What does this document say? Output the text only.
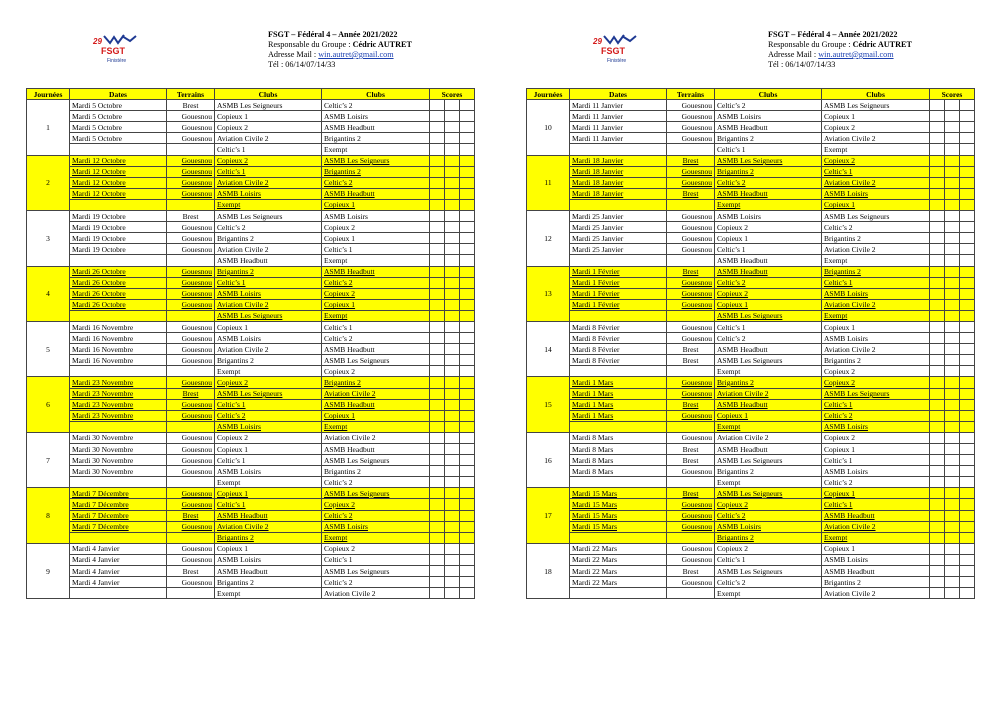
29
FSGT
Finistère
FSGT – Fédéral 4 – Année 2021/2022
Responsable du Groupe : Cédric AUTRET
Adresse Mail : win.autret@gmail.com
Tél : 06/14/07/14/33
Journées	Dates	Terrains	Clubs	Clubs	Scores		
1	Mardi 5 Octobre	Brest	ASMB Les Seigneurs	Celtic’s 2			
	Mardi 5 Octobre	Gouesnou	Copieux 1	ASMB Loisirs			
	Mardi 5 Octobre	Gouesnou	Copieux 2	ASMB Headbutt			
	Mardi 5 Octobre	Gouesnou	Aviation Civile 2	Brigantins 2			
			Celtic’s 1	Exempt			
2	Mardi 12 Octobre	Gouesnou	Copieux 2	ASMB Les Seigneurs			
	Mardi 12 Octobre	Gouesnou	Celtic’s 1	Brigantins 2			
	Mardi 12 Octobre	Gouesnou	Aviation Civile 2	Celtic’s 2			
	Mardi 12 Octobre	Gouesnou	ASMB Loisirs	ASMB Headbutt			
			Exempt	Copieux 1			
3	Mardi 19 Octobre	Brest	ASMB Les Seigneurs	ASMB Loisirs			
	Mardi 19 Octobre	Gouesnou	Celtic’s 2	Copieux 2			
	Mardi 19 Octobre	Gouesnou	Brigantins 2	Copieux 1			
	Mardi 19 Octobre	Gouesnou	Aviation Civile 2	Celtic’s 1			
			ASMB Headbutt	Exempt			
4	Mardi 26 Octobre	Gouesnou	Brigantins 2	ASMB Headbutt			
	Mardi 26 Octobre	Gouesnou	Celtic’s 1	Celtic’s 2			
	Mardi 26 Octobre	Gouesnou	ASMB Loisirs	Copieux 2			
	Mardi 26 Octobre	Gouesnou	Aviation Civile 2	Copieux 1			
			ASMB Les Seigneurs	Exempt			
5	Mardi 16 Novembre	Gouesnou	Copieux 1	Celtic’s 1			
	Mardi 16 Novembre	Gouesnou	ASMB Loisirs	Celtic’s 2			
	Mardi 16 Novembre	Gouesnou	Aviation Civile 2	ASMB Headbutt			
	Mardi 16 Novembre	Gouesnou	Brigantins 2	ASMB Les Seigneurs			
			Exempt	Copieux 2			
6	Mardi 23 Novembre	Gouesnou	Copieux 2	Brigantins 2			
	Mardi 23 Novembre	Brest	ASMB Les Seigneurs	Aviation Civile 2			
	Mardi 23 Novembre	Gouesnou	Celtic’s 1	ASMB Headbutt			
	Mardi 23 Novembre	Gouesnou	Celtic’s 2	Copieux 1			
			ASMB Loisirs	Exempt			
7	Mardi 30 Novembre	Gouesnou	Copieux 2	Aviation Civile 2			
	Mardi 30 Novembre	Gouesnou	Copieux 1	ASMB Headbutt			
	Mardi 30 Novembre	Gouesnou	Celtic’s 1	ASMB Les Seigneurs			
	Mardi 30 Novembre	Gouesnou	ASMB Loisirs	Brigantins 2			
			Exempt	Celtic’s 2			
8	Mardi 7 Décembre	Gouesnou	Copieux 1	ASMB Les Seigneurs			
	Mardi 7 Décembre	Gouesnou	Celtic’s 1	Copieux 2			
	Mardi 7 Décembre	Brest	ASMB Headbutt	Celtic’s 2			
	Mardi 7 Décembre	Gouesnou	Aviation Civile 2	ASMB Loisirs			
			Brigantins 2	Exempt			
9	Mardi 4 Janvier	Gouesnou	Copieux 1	Copieux 2			
	Mardi 4 Janvier	Gouesnou	ASMB Loisirs	Celtic’s 1			
	Mardi 4 Janvier	Brest	ASMB Headbutt	ASMB Les Seigneurs			
	Mardi 4 Janvier	Gouesnou	Brigantins 2	Celtic’s 2			
			Exempt	Aviation Civile 2			
29
FSGT
Finistère
FSGT – Fédéral 4 – Année 2021/2022
Responsable du Groupe : Cédric AUTRET
Adresse Mail : win.autret@gmail.com
Tél : 06/14/07/14/33
Journées	Dates	Terrains	Clubs	Clubs	Scores		
10	Mardi 11 Janvier	Gouesnou	Celtic’s 2	ASMB Les Seigneurs			
	Mardi 11 Janvier	Gouesnou	ASMB Loisirs	Copieux 1			
	Mardi 11 Janvier	Gouesnou	ASMB Headbutt	Copieux 2			
	Mardi 11 Janvier	Gouesnou	Brigantins 2	Aviation Civile 2			
			Celtic’s 1	Exempt			
11	Mardi 18 Janvier	Brest	ASMB Les Seigneurs	Copieux 2			
	Mardi 18 Janvier	Gouesnou	Brigantins 2	Celtic’s 1			
	Mardi 18 Janvier	Gouesnou	Celtic’s 2	Aviation Civile 2			
	Mardi 18 Janvier	Brest	ASMB Headbutt	ASMB Loisirs			
			Exempt	Copieux 1			
12	Mardi 25 Janvier	Gouesnou	ASMB Loisirs	ASMB Les Seigneurs			
	Mardi 25 Janvier	Gouesnou	Copieux 2	Celtic’s 2			
	Mardi 25 Janvier	Gouesnou	Copieux 1	Brigantins 2			
	Mardi 25 Janvier	Gouesnou	Celtic’s 1	Aviation Civile 2			
			ASMB Headbutt	Exempt			
13	Mardi 1 Février	Brest	ASMB Headbutt	Brigantins 2			
	Mardi 1 Février	Gouesnou	Celtic’s 2	Celtic’s 1			
	Mardi 1 Février	Gouesnou	Copieux 2	ASMB Loisirs			
	Mardi 1 Février	Gouesnou	Copieux 1	Aviation Civile 2			
			ASMB Les Seigneurs	Exempt			
14	Mardi 8 Février	Gouesnou	Celtic’s 1	Copieux 1			
	Mardi 8 Février	Gouesnou	Celtic’s 2	ASMB Loisirs			
	Mardi 8 Février	Brest	ASMB Headbutt	Aviation Civile 2			
	Mardi 8 Février	Brest	ASMB Les Seigneurs	Brigantins 2			
			Exempt	Copieux 2			
15	Mardi 1 Mars	Gouesnou	Brigantins 2	Copieux 2			
	Mardi 1 Mars	Gouesnou	Aviation Civile 2	ASMB Les Seigneurs			
	Mardi 1 Mars	Brest	ASMB Headbutt	Celtic’s 1			
	Mardi 1 Mars	Gouesnou	Copieux 1	Celtic’s 2			
			Exempt	ASMB Loisirs			
16	Mardi 8 Mars	Gouesnou	Aviation Civile 2	Copieux 2			
	Mardi 8 Mars	Brest	ASMB Headbutt	Copieux 1			
	Mardi 8 Mars	Brest	ASMB Les Seigneurs	Celtic’s 1			
	Mardi 8 Mars	Gouesnou	Brigantins 2	ASMB Loisirs			
			Exempt	Celtic’s 2			
17	Mardi 15 Mars	Brest	ASMB Les Seigneurs	Copieux 1			
	Mardi 15 Mars	Gouesnou	Copieux 2	Celtic’s 1			
	Mardi 15 Mars	Gouesnou	Celtic’s 2	ASMB Headbutt			
	Mardi 15 Mars	Gouesnou	ASMB Loisirs	Aviation Civile 2			
			Brigantins 2	Exempt			
18	Mardi 22 Mars	Gouesnou	Copieux 2	Copieux 1			
	Mardi 22 Mars	Gouesnou	Celtic’s 1	ASMB Loisirs			
	Mardi 22 Mars	Brest	ASMB Les Seigneurs	ASMB Headbutt			
	Mardi 22 Mars	Gouesnou	Celtic’s 2	Brigantins 2			
			Exempt	Aviation Civile 2			
